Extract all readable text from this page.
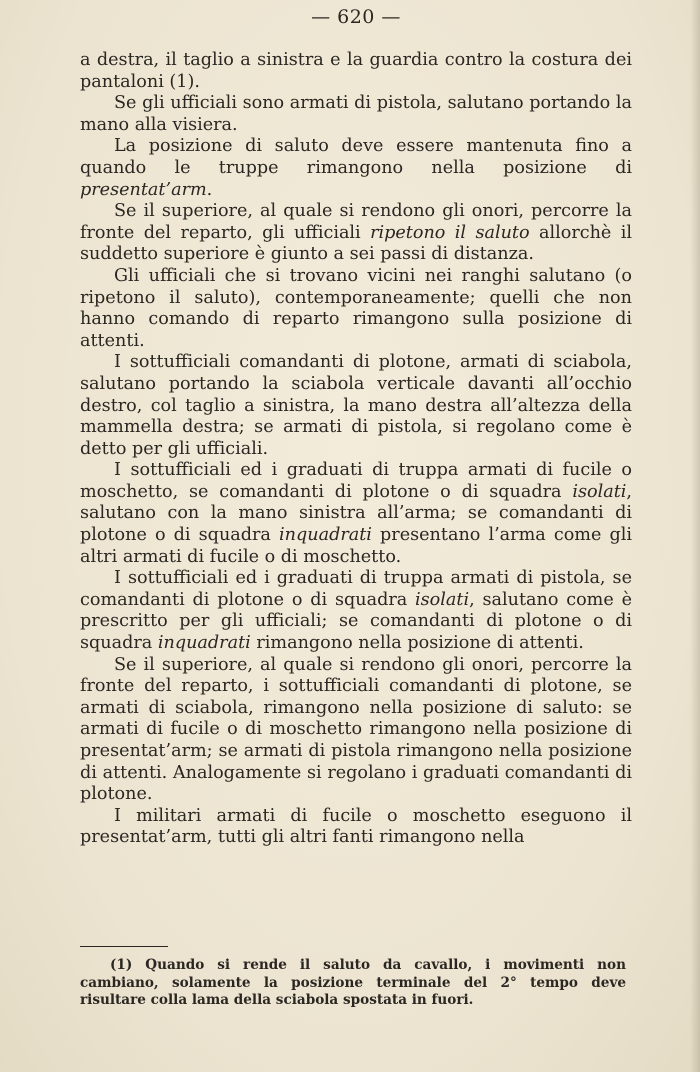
— 620 —

a destra, il taglio a sinistra e la guardia contro la costura dei pantaloni (1).

Se gli ufficiali sono armati di pistola, salutano portando la mano alla visiera.

La posizione di saluto deve essere mantenuta fino a quando le truppe rimangono nella posizione di presentat’arm.

Se il superiore, al quale si rendono gli onori, percorre la fronte del reparto, gli ufficiali ripetono il saluto allorchè il suddetto superiore è giunto a sei passi di distanza.

Gli ufficiali che si trovano vicini nei ranghi salutano (o ripetono il saluto), contemporaneamente; quelli che non hanno comando di reparto rimangono sulla posizione di attenti.

I sottufficiali comandanti di plotone, armati di sciabola, salutano portando la sciabola verticale davanti all’occhio destro, col taglio a sinistra, la mano destra all’altezza della mammella destra; se armati di pistola, si regolano come è detto per gli ufficiali.

I sottufficiali ed i graduati di truppa armati di fucile o moschetto, se comandanti di plotone o di squadra isolati, salutano con la mano sinistra all’arma; se comandanti di plotone o di squadra inquadrati presentano l’arma come gli altri armati di fucile o di moschetto.

I sottufficiali ed i graduati di truppa armati di pistola, se comandanti di plotone o di squadra isolati, salutano come è prescritto per gli ufficiali; se comandanti di plotone o di squadra inquadrati rimangono nella posizione di attenti.

Se il superiore, al quale si rendono gli onori, percorre la fronte del reparto, i sottufficiali comandanti di plotone, se armati di sciabola, rimangono nella posizione di saluto: se armati di fucile o di moschetto rimangono nella posizione di presentat’arm; se armati di pistola rimangono nella posizione di attenti. Analogamente si regolano i graduati comandanti di plotone.

I militari armati di fucile o moschetto eseguono il presentat’arm, tutti gli altri fanti rimangono nella

(1) Quando si rende il saluto da cavallo, i movimenti non cambiano, solamente la posizione terminale del 2° tempo deve risultare colla lama della sciabola spostata in fuori.
